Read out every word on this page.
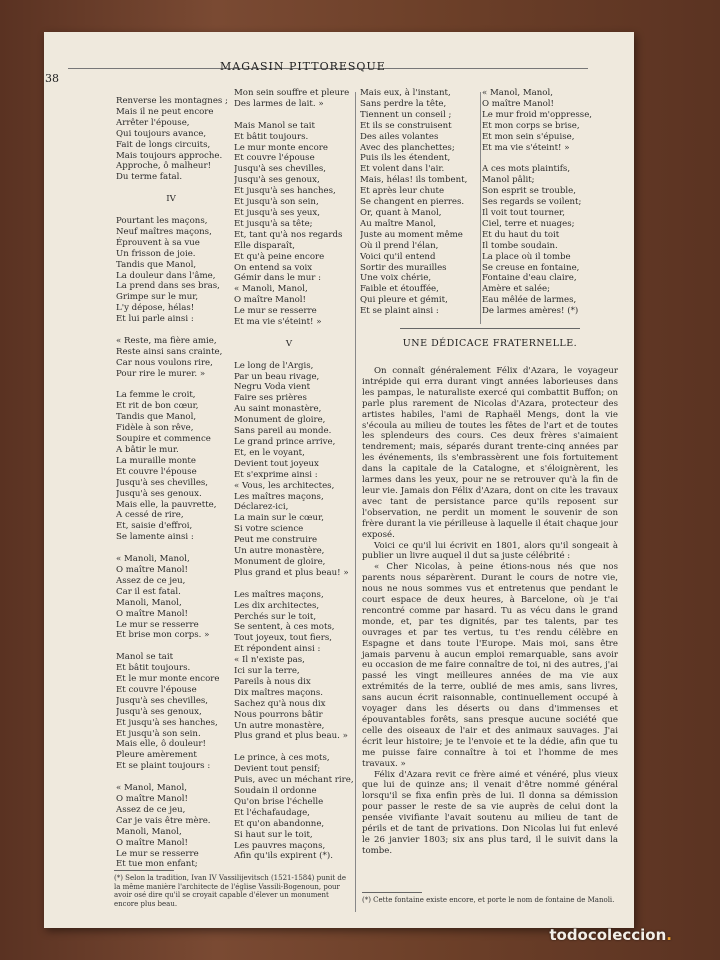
38
MAGASIN PITTORESQUE
Renverse les montagnes ;
Mais il ne peut encore
Arrêter l'épouse,
Qui toujours avance,
Fait de longs circuits,
Mais toujours approche.
Approche, ô malheur!
Du terme fatal.

IV

Pourtant les maçons,
Neuf maîtres maçons,
Éprouvent à sa vue
Un frisson de joie.
Tandis que Manol,
La douleur dans l'âme,
La prend dans ses bras,
Grimpe sur le mur,
L'y dépose, hélas!
Et lui parle ainsi :

« Reste, ma fière amie,
Reste ainsi sans crainte,
Car nous voulons rire,
Pour rire le murer. »

La femme le croit,
Et rit de bon cœur,
Tandis que Manol,
Fidèle à son rêve,
Soupire et commence
A bâtir le mur.
La muraille monte
Et couvre l'épouse
Jusqu'à ses chevilles,
Jusqu'à ses genoux.
Mais elle, la pauvrette,
A cessé de rire,
Et, saisie d'effroi,
Se lamente ainsi :

« Manoli, Manol,
O maître Manol!
Assez de ce jeu,
Car il est fatal.
Manoli, Manol,
O maître Manol!
Le mur se resserre
Et brise mon corps. »

Manol se tait
Et bâtit toujours.
Et le mur monte encore
Et couvre l'épouse
Jusqu'à ses chevilles,
Jusqu'à ses genoux,
Et jusqu'à ses hanches,
Et jusqu'à son sein.
Mais elle, ô douleur!
Pleure amèrement
Et se plaint toujours :

« Manol, Manol,
O maître Manol!
Assez de ce jeu,
Car je vais être mère.
Manoli, Manol,
O maître Manol!
Le mur se resserre
Et tue mon enfant;
Mon sein souffre et pleure
Des larmes de lait. »

Mais Manol se tait
Et bâtit toujours.
Le mur monte encore
Et couvre l'épouse
Jusqu'à ses chevilles,
Jusqu'à ses genoux,
Et jusqu'à ses hanches,
Et jusqu'à son sein,
Et jusqu'à ses yeux,
Et jusqu'à sa tête;
Et, tant qu'à nos regards
Elle disparaît,
Et qu'à peine encore
On entend sa voix
Gémir dans le mur :
« Manoli, Manol,
O maître Manol!
Le mur se resserre
Et ma vie s'éteint! »

V

Le long de l'Argis,
Par un beau rivage,
Negru Voda vient
Faire ses prières
Au saint monastère,
Monument de gloire,
Sans pareil au monde.
Le grand prince arrive,
Et, en le voyant,
Devient tout joyeux
Et s'exprime ainsi :
« Vous, les architectes,
Les maîtres maçons,
Déclarez-ici,
La main sur le cœur,
Si votre science
Peut me construire
Un autre monastère,
Monument de gloire,
Plus grand et plus beau! »

Les maîtres maçons,
Les dix architectes,
Perchés sur le toit,
Se sentent, à ces mots,
Tout joyeux, tout fiers,
Et répondent ainsi :
« Il n'existe pas,
Ici sur la terre,
Pareils à nous dix
Dix maîtres maçons.
Sachez qu'à nous dix
Nous pourrons bâtir
Un autre monastère,
Plus grand et plus beau. »

Le prince, à ces mots,
Devient tout pensif;
Puis, avec un méchant rire,
Soudain il ordonne
Qu'on brise l'échelle
Et l'échafaudage,
Et qu'on abandonne,
Si haut sur le toit,
Les pauvres maçons,
Afin qu'ils expirent (*).
Mais eux, à l'instant,
Sans perdre la tête,
Tiennent un conseil ;
Et ils se construisent
Des ailes volantes
Avec des planchettes;
Puis ils les étendent,
Et volent dans l'air.
Mais, hélas! ils tombent,
Et après leur chute
Se changent en pierres.
Or, quant à Manol,
Au maître Manol,
Juste au moment même
Où il prend l'élan,
Voici qu'il entend
Sortir des murailles
Une voix chérie,
Faible et étouffée,
Qui pleure et gémit,
Et se plaint ainsi :
« Manol, Manol,
O maître Manol!
Le mur froid m'oppresse,
Et mon corps se brise,
Et mon sein s'épuise,
Et ma vie s'éteint! »

A ces mots plaintifs,
Manol pâlit;
Son esprit se trouble,
Ses regards se voilent;
Il voit tout tourner,
Ciel, terre et nuages;
Et du haut du toit
Il tombe soudain.
La place où il tombe
Se creuse en fontaine,
Fontaine d'eau claire,
Amère et salée;
Eau mêlée de larmes,
De larmes amères! (*)
(*) Selon la tradition, Ivan IV Vassilijevitsch (1521-1584) punit de la même manière l'architecte de l'église Vassili-Bogenoun, pour avoir osé dire qu'il se croyait capable d'élever un monument encore plus beau.
UNE DÉDICACE FRATERNELLE.

On connaît généralement Félix d'Azara, le voyageur intrépide qui erra durant vingt années laborieuses dans les pampas, le naturaliste exercé qui combattit Buffon; on parle plus rarement de Nicolas d'Azara, protecteur des artistes habiles, l'ami de Raphaël Mengs, dont la vie s'écoula au milieu de toutes les fêtes de l'art et de toutes les splendeurs des cours. Ces deux frères s'aimaient tendrement; mais, séparés durant trente-cinq années par les événements, ils s'embrassèrent une fois fortuitement dans la capitale de la Catalogne, et s'éloignèrent, les larmes dans les yeux, pour ne se retrouver qu'à la fin de leur vie. Jamais don Félix d'Azara, dont on cite les travaux avec tant de persistance parce qu'ils reposent sur l'observation, ne perdit un moment le souvenir de son frère durant la vie périlleuse à laquelle il était chaque jour exposé.

Voici ce qu'il lui écrivit en 1801, alors qu'il songeait à publier un livre auquel il dut sa juste célébrité :

« Cher Nicolas, à peine étions-nous nés que nos parents nous séparèrent. Durant le cours de notre vie, nous ne nous sommes vus et entretenus que pendant le court espace de deux heures, à Barcelone, où je t'ai rencontré comme par hasard. Tu as vécu dans le grand monde, et, par tes dignités, par tes talents, par tes ouvrages et par tes vertus, tu t'es rendu célèbre en Espagne et dans toute l'Europe. Mais moi, sans être jamais parvenu à aucun emploi remarquable, sans avoir eu occasion de me faire connaître de toi, ni des autres, j'ai passé les vingt meilleures années de ma vie aux extrémités de la terre, oublié de mes amis, sans livres, sans aucun écrit raisonnable, continuellement occupé à voyager dans les déserts ou dans d'immenses et épouvantables forêts, sans presque aucune société que celle des oiseaux de l'air et des animaux sauvages. J'ai écrit leur histoire; je te l'envoie et te la dédie, afin que tu me puisse faire connaître à toi et l'homme de mes travaux. »

Félix d'Azara revit ce frère aimé et vénéré, plus vieux que lui de quinze ans; il venait d'être nommé général lorsqu'il se fixa enfin près de lui. Il donna sa démission pour passer le reste de sa vie auprès de celui dont la pensée vivifiante l'avait soutenu au milieu de tant de périls et de tant de privations. Don Nicolas lui fut enlevé le 26 janvier 1803; six ans plus tard, il le suivit dans la tombe.

(*) Cette fontaine existe encore, et porte le nom de fontaine de Manoli.
todocoleccion.
